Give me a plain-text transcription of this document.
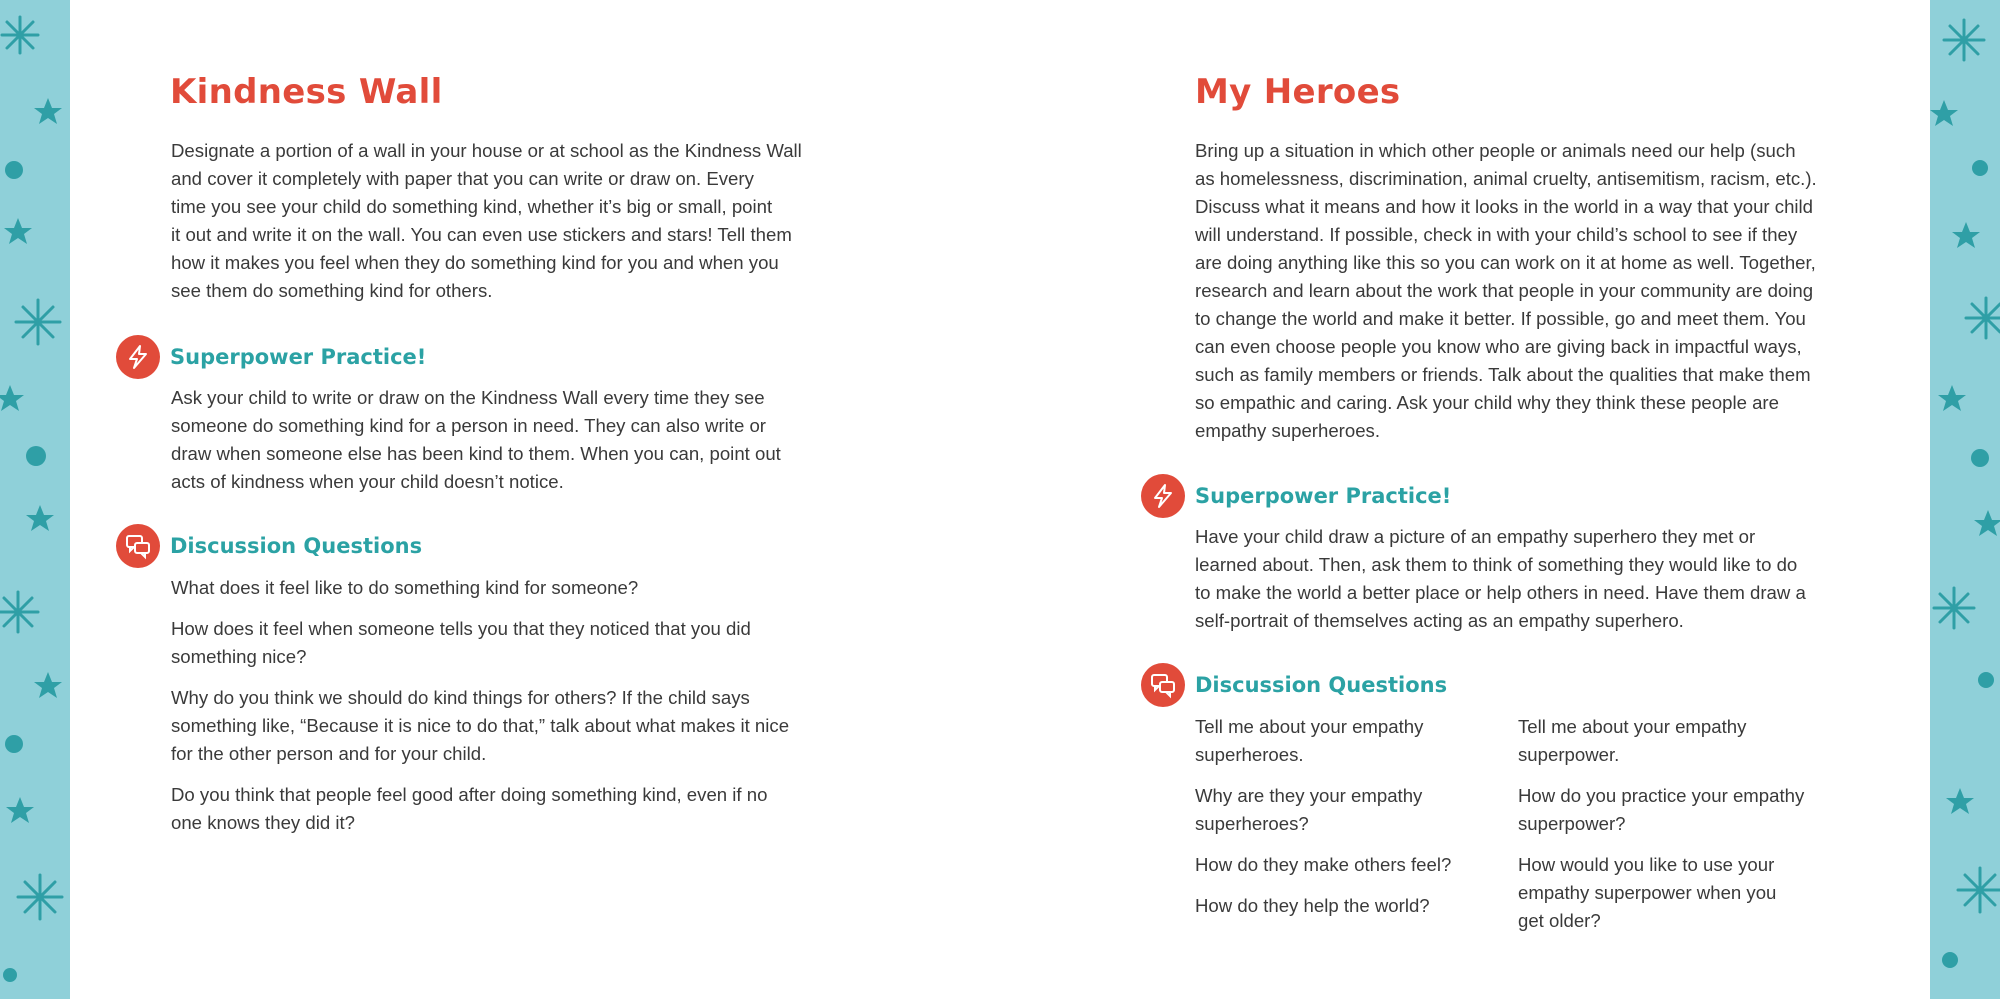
Kindness Wall

Designate a portion of a wall in your house or at school as the Kindness Wall
and cover it completely with paper that you can write or draw on. Every
time you see your child do something kind, whether it’s big or small, point
it out and write it on the wall. You can even use stickers and stars! Tell them
how it makes you feel when they do something kind for you and when you
see them do something kind for others.

Superpower Practice!

Ask your child to write or draw on the Kindness Wall every time they see
someone do something kind for a person in need. They can also write or
draw when someone else has been kind to them. When you can, point out
acts of kindness when your child doesn’t notice.

Discussion Questions

What does it feel like to do something kind for someone?

How does it feel when someone tells you that they noticed that you did
something nice?

Why do you think we should do kind things for others? If the child says
something like, “Because it is nice to do that,” talk about what makes it nice
for the other person and for your child.

Do you think that people feel good after doing something kind, even if no
one knows they did it?

My Heroes

Bring up a situation in which other people or animals need our help (such
as homelessness, discrimination, animal cruelty, antisemitism, racism, etc.).
Discuss what it means and how it looks in the world in a way that your child
will understand. If possible, check in with your child’s school to see if they
are doing anything like this so you can work on it at home as well. Together,
research and learn about the work that people in your community are doing
to change the world and make it better. If possible, go and meet them. You
can even choose people you know who are giving back in impactful ways,
such as family members or friends. Talk about the qualities that make them
so empathic and caring. Ask your child why they think these people are
empathy superheroes.

Superpower Practice!

Have your child draw a picture of an empathy superhero they met or
learned about. Then, ask them to think of something they would like to do
to make the world a better place or help others in need. Have them draw a
self-portrait of themselves acting as an empathy superhero.

Discussion Questions

Tell me about your empathy
superheroes.

Why are they your empathy
superheroes?

How do they make others feel?

How do they help the world?

Tell me about your empathy
superpower.

How do you practice your empathy
superpower?

How would you like to use your
empathy superpower when you
get older?
